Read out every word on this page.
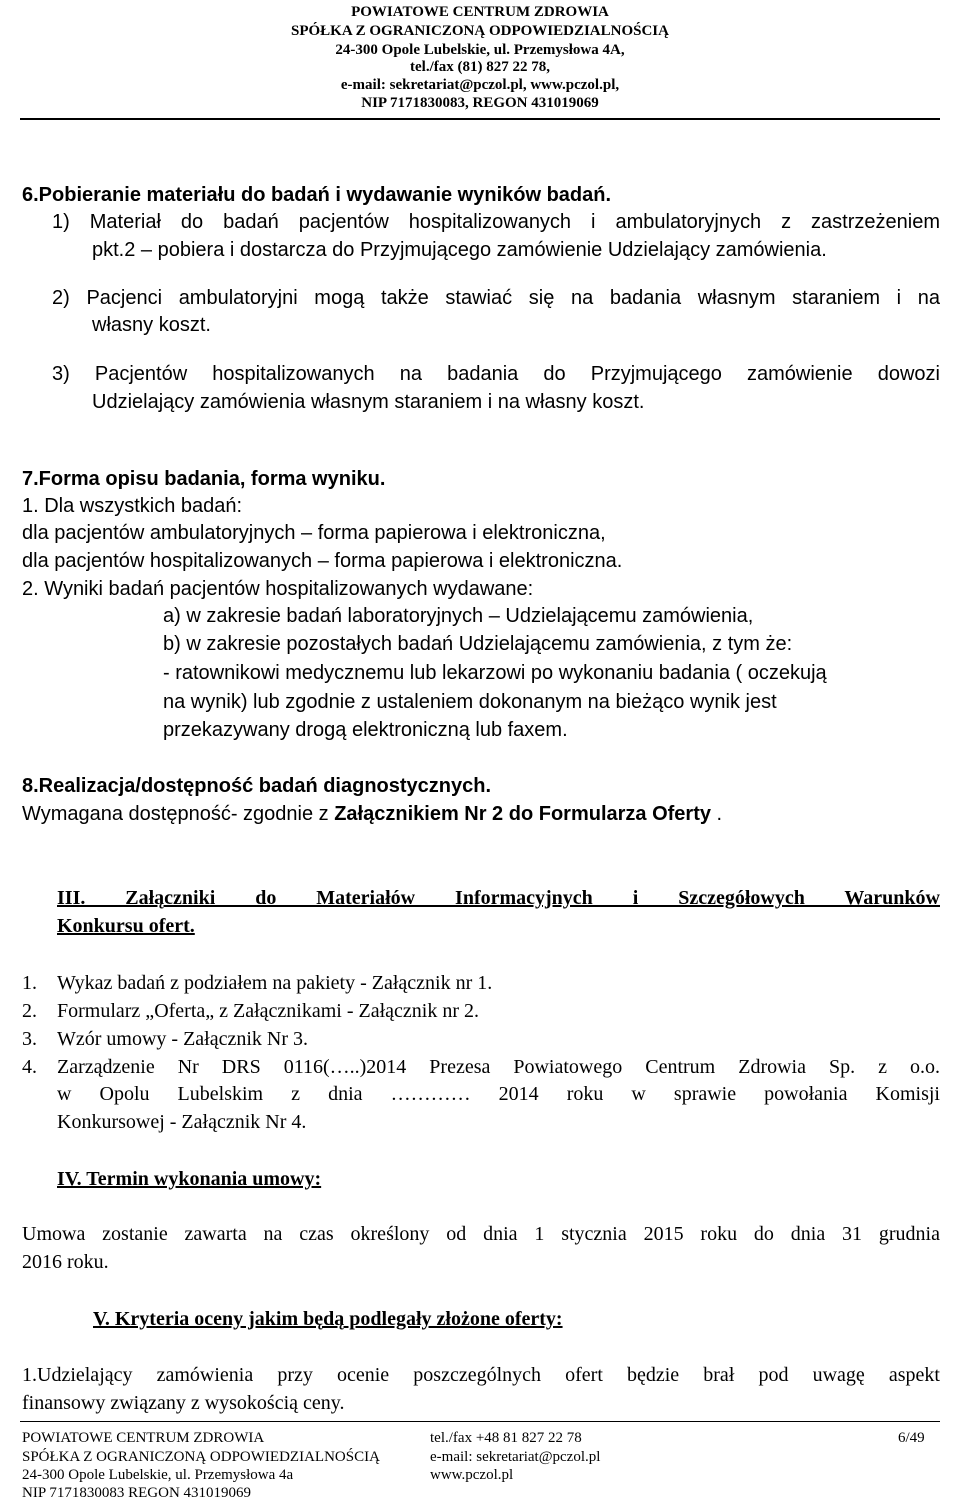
POWIATOWE CENTRUM ZDROWIA
SPÓŁKA Z OGRANICZONĄ ODPOWIEDZIALNOŚCIĄ
24-300 Opole Lubelskie, ul. Przemysłowa 4A,
tel./fax (81) 827 22 78,
e-mail: sekretariat@pczol.pl, www.pczol.pl,
NIP 7171830083, REGON 431019069
6.Pobieranie materiału do badań i wydawanie wyników badań.
1) Materiał do badań pacjentów hospitalizowanych i ambulatoryjnych z zastrzeżeniem
pkt.2 – pobiera i dostarcza do Przyjmującego zamówienie Udzielający zamówienia.
2) Pacjenci ambulatoryjni mogą także stawiać się na badania własnym staraniem i na
własny koszt.
3) Pacjentów hospitalizowanych na badania do Przyjmującego zamówienie dowozi
Udzielający zamówienia własnym staraniem i na własny koszt.
7.Forma opisu badania, forma wyniku.
1. Dla wszystkich badań:
dla pacjentów ambulatoryjnych – forma papierowa i elektroniczna,
dla pacjentów hospitalizowanych – forma papierowa i elektroniczna.
2. Wyniki badań pacjentów hospitalizowanych wydawane:
a) w zakresie badań laboratoryjnych – Udzielającemu zamówienia,
b) w zakresie pozostałych badań Udzielającemu zamówienia, z tym że:
- ratownikowi medycznemu lub lekarzowi po wykonaniu badania ( oczekują
na wynik) lub zgodnie z ustaleniem dokonanym na bieżąco wynik jest
przekazywany drogą elektroniczną lub faxem.
8.Realizacja/dostępność badań diagnostycznych.
Wymagana dostępność- zgodnie z Załącznikiem Nr 2 do Formularza Oferty .
III. Załączniki do Materiałów Informacyjnych i Szczegółowych Warunków
Konkursu ofert.
1. Wykaz badań z podziałem na pakiety - Załącznik nr 1.
2. Formularz „Oferta„ z Załącznikami - Załącznik nr 2.
3. Wzór umowy - Załącznik Nr 3.
4. Zarządzenie Nr DRS 0116(…..)2014 Prezesa Powiatowego Centrum Zdrowia Sp. z o.o.
w Opolu Lubelskim z dnia ………… 2014 roku w sprawie powołania Komisji
Konkursowej - Załącznik Nr 4.
IV. Termin wykonania umowy:
Umowa zostanie zawarta na czas określony od dnia 1 stycznia 2015 roku do dnia 31 grudnia
2016 roku.
V. Kryteria oceny jakim będą podlegały złożone oferty:
1.Udzielający zamówienia przy ocenie poszczególnych ofert będzie brał pod uwagę aspekt
finansowy związany z wysokością ceny.
POWIATOWE CENTRUM ZDROWIA
SPÓŁKA Z OGRANICZONĄ ODPOWIEDZIALNOŚCIĄ
24-300 Opole Lubelskie, ul. Przemysłowa 4a
NIP 7171830083 REGON 431019069
tel./fax +48 81 827 22 78
e-mail: sekretariat@pczol.pl
www.pczol.pl
6/49
